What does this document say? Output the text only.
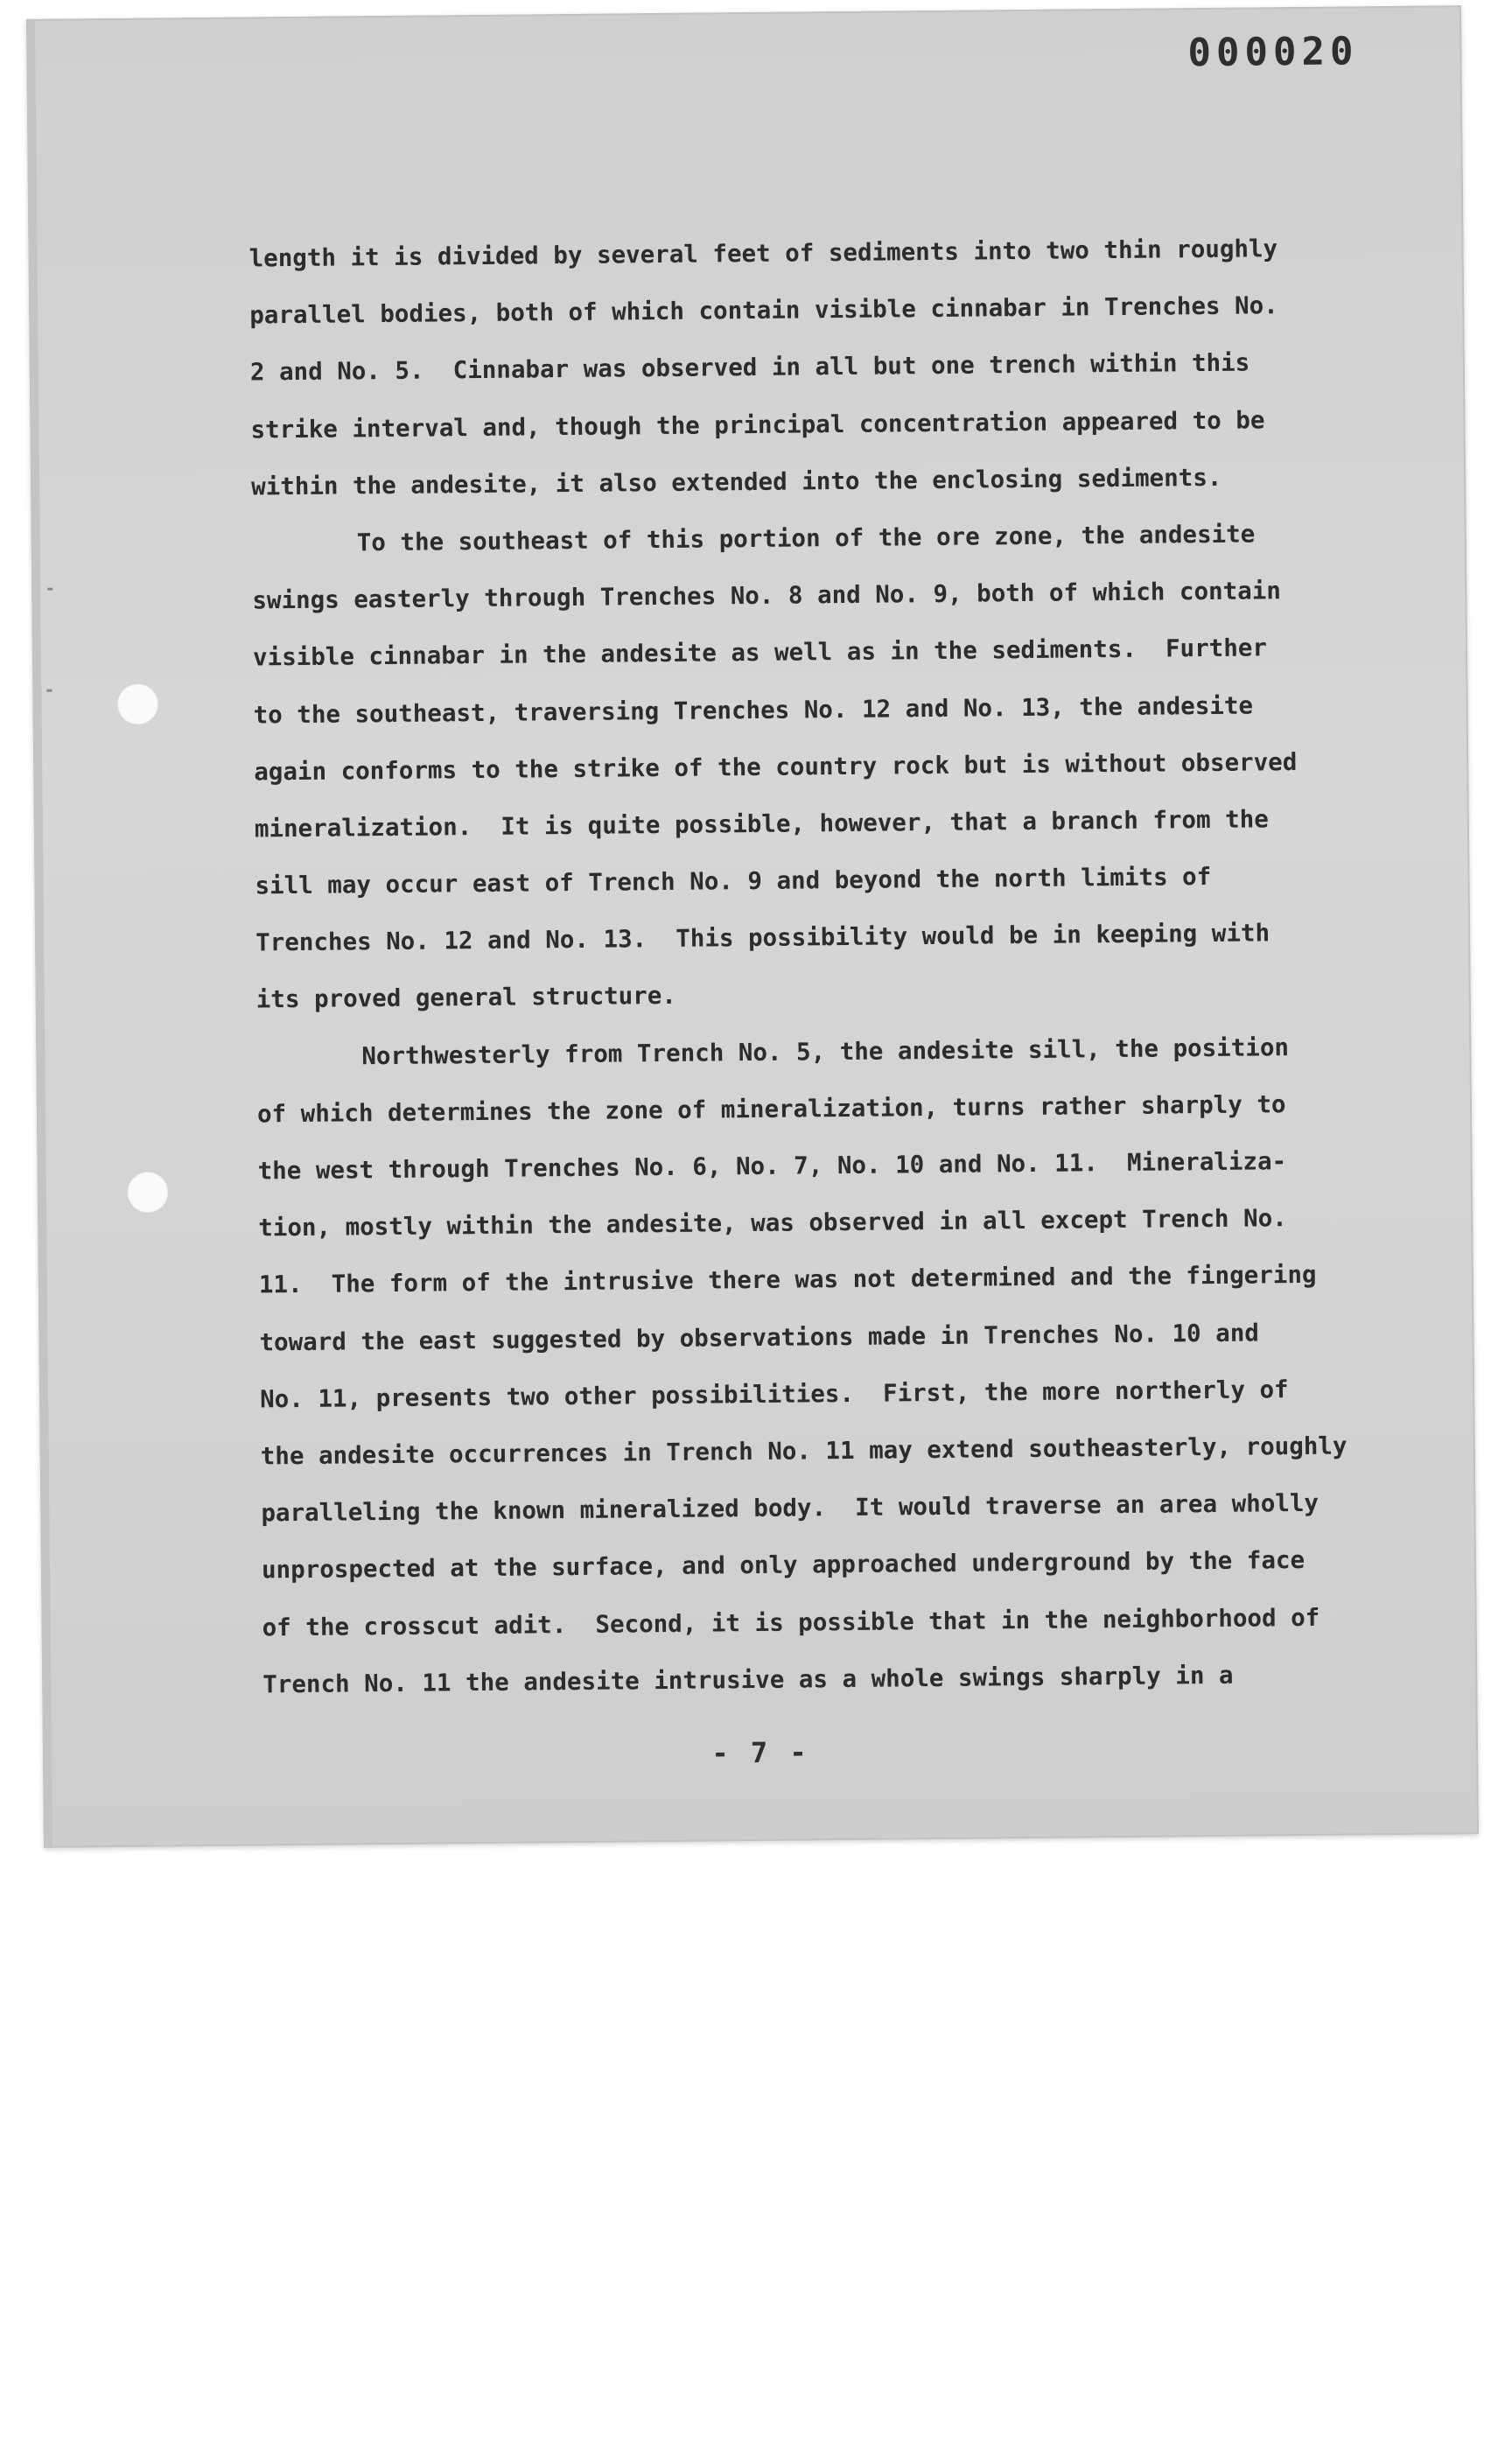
000020
length it is divided by several feet of sediments into two thin roughly
parallel bodies, both of which contain visible cinnabar in Trenches No.
2 and No. 5.  Cinnabar was observed in all but one trench within this
strike interval and, though the principal concentration appeared to be
within the andesite, it also extended into the enclosing sediments.
To the southeast of this portion of the ore zone, the andesite
swings easterly through Trenches No. 8 and No. 9, both of which contain
visible cinnabar in the andesite as well as in the sediments.  Further
to the southeast, traversing Trenches No. 12 and No. 13, the andesite
again conforms to the strike of the country rock but is without observed
mineralization.  It is quite possible, however, that a branch from the
sill may occur east of Trench No. 9 and beyond the north limits of
Trenches No. 12 and No. 13.  This possibility would be in keeping with
its proved general structure.
Northwesterly from Trench No. 5, the andesite sill, the position
of which determines the zone of mineralization, turns rather sharply to
the west through Trenches No. 6, No. 7, No. 10 and No. 11.  Mineraliza-
tion, mostly within the andesite, was observed in all except Trench No.
11.  The form of the intrusive there was not determined and the fingering
toward the east suggested by observations made in Trenches No. 10 and
No. 11, presents two other possibilities.  First, the more northerly of
the andesite occurrences in Trench No. 11 may extend southeasterly, roughly
paralleling the known mineralized body.  It would traverse an area wholly
unprospected at the surface, and only approached underground by the face
of the crosscut adit.  Second, it is possible that in the neighborhood of
Trench No. 11 the andesite intrusive as a whole swings sharply in a
- 7 -
